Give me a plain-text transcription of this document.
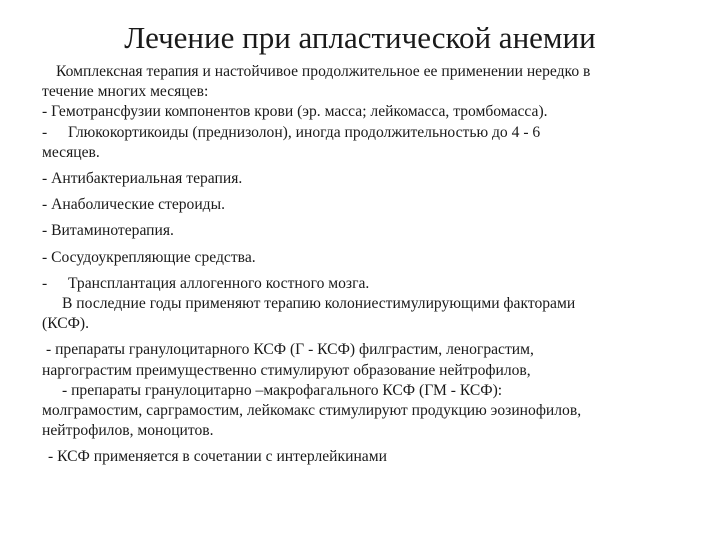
Лечение при апластической анемии

Комплексная терапия и настойчивое продолжительное ее применении нередко в

течение многих месяцев:

- Гемотрансфузии компонентов крови (эр. масса; лейкомасса, тромбомасса).

- Глюкокортикоиды (преднизолон), иногда продолжительностью до 4 - 6

месяцев.

- Антибактериальная терапия.

- Анаболические стероиды.

- Витаминотерапия.

- Сосудоукрепляющие средства.

- Трансплантация аллогенного костного мозга.

В последние годы применяют терапию колониестимулирующими факторами

(КСФ).

- препараты гранулоцитарного КСФ (Г - КСФ) филграстим, ленограстим,

наргограстим преимущественно стимулируют образование нейтрофилов,

- препараты гранулоцитарно –макрофагального КСФ (ГМ - КСФ):

молграмостим, сарграмостим, лейкомакс стимулируют продукцию эозинофилов,

нейтрофилов, моноцитов.

- КСФ применяется в сочетании с интерлейкинами
